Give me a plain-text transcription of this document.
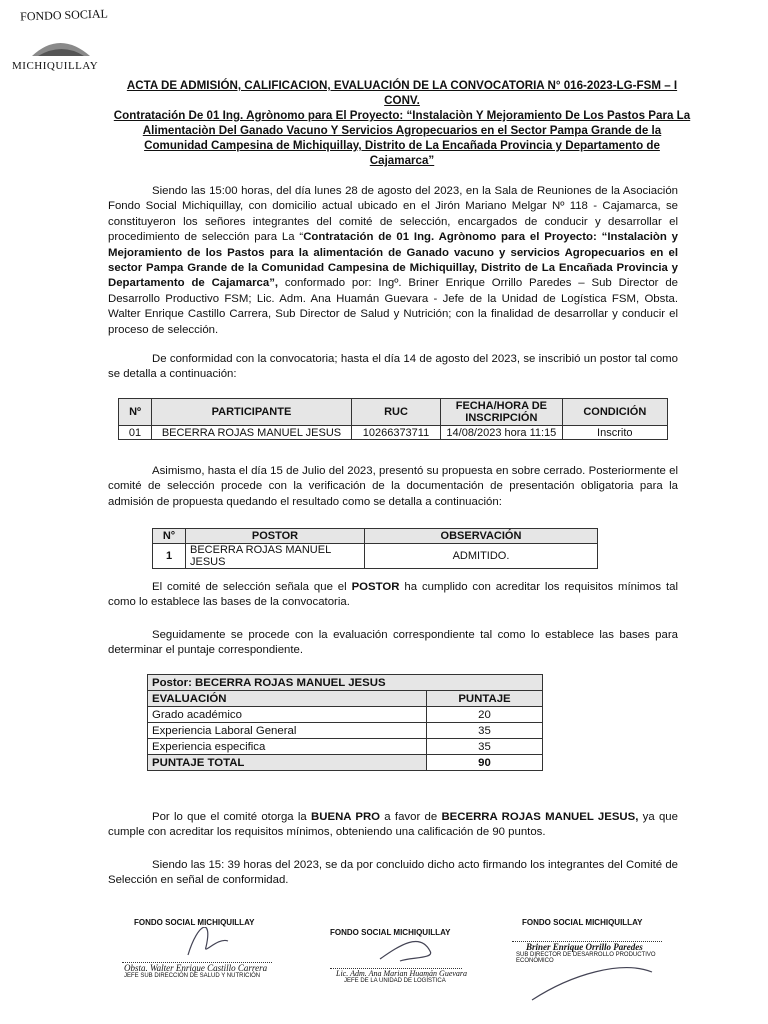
FONDO SOCIAL
MICHIQUILLAY
ACTA DE ADMISIÓN, CALIFICACION, EVALUACIÓN DE LA CONVOCATORIA N° 016-2023-LG-FSM – I CONV.
Contratación De 01 Ing. Agrònomo para El Proyecto: “Instalaciòn Y Mejoramiento De Los Pastos Para La Alimentaciòn Del Ganado Vacuno Y Servicios Agropecuarios en el Sector Pampa Grande de la Comunidad Campesina de Michiquillay, Distrito de La Encañada Provincia y Departamento de Cajamarca”
Siendo las 15:00 horas, del día lunes 28 de agosto del 2023, en la Sala de Reuniones de la Asociación Fondo Social Michiquillay, con domicilio actual ubicado en el Jirón Mariano Melgar Nº 118 - Cajamarca, se constituyeron los señores integrantes del comité de selección, encargados de conducir y desarrollar el procedimiento de selección para La “Contratación de 01 Ing. Agrònomo para el Proyecto: “Instalaciòn y Mejoramiento de los Pastos para la alimentación de Ganado vacuno y servicios Agropecuarios en el sector Pampa Grande de la Comunidad Campesina de Michiquillay, Distrito de La Encañada Provincia y Departamento de Cajamarca”, conformado por: Ingº. Briner Enrique Orrillo Paredes – Sub Director de Desarrollo Productivo FSM; Lic. Adm. Ana Huamán Guevara - Jefe de la Unidad de Logística FSM, Obsta. Walter Enrique Castillo Carrera, Sub Director de Salud y Nutrición; con la finalidad de desarrollar y conducir el proceso de selección.
De conformidad con la convocatoria; hasta el día 14 de agosto del 2023, se inscribió un postor tal como se detalla a continuación:
Nº	PARTICIPANTE	RUC	FECHA/HORA DE INSCRIPCIÓN	CONDICIÓN
01	BECERRA ROJAS MANUEL JESUS	10266373711	14/08/2023 hora 11:15	Inscrito
Asimismo, hasta el día 15 de Julio del 2023, presentó su propuesta en sobre cerrado. Posteriormente el comité de selección procede con la verificación de la documentación de presentación obligatoria para la admisión de propuesta quedando el resultado como se detalla a continuación:
N°	POSTOR	OBSERVACIÓN
1	BECERRA ROJAS MANUEL JESUS	ADMITIDO.
El comité de selección señala que el POSTOR ha cumplido con acreditar los requisitos mínimos tal como lo establece las bases de la convocatoria.
Seguidamente se procede con la evaluación correspondiente tal como lo establece las bases para determinar el puntaje correspondiente.
Postor: BECERRA ROJAS MANUEL JESUS	
EVALUACIÓN	PUNTAJE
Grado académico	20
Experiencia Laboral General	35
Experiencia especifica	35
PUNTAJE TOTAL	90
Por lo que el comité otorga la BUENA PRO a favor de BECERRA ROJAS MANUEL JESUS, ya que cumple con acreditar los requisitos mínimos, obteniendo una calificación de 90 puntos.
Siendo las 15: 39 horas del 2023, se da por concluido dicho acto firmando los integrantes del Comité de Selección en señal de conformidad.
FONDO SOCIAL MICHIQUILLAY
Obsta. Walter Enrique Castillo Carrera
JEFE SUB DIRECCIÓN DE SALUD Y NUTRICIÓN
FONDO SOCIAL MICHIQUILLAY
Lic. Adm. Ana Marian Huamán Guevara
JEFE DE LA UNIDAD DE LOGÍSTICA
FONDO SOCIAL MICHIQUILLAY
Briner Enrique Orrillo Paredes
SUB DIRECTOR DE DESARROLLO PRODUCTIVO ECONÓMICO
